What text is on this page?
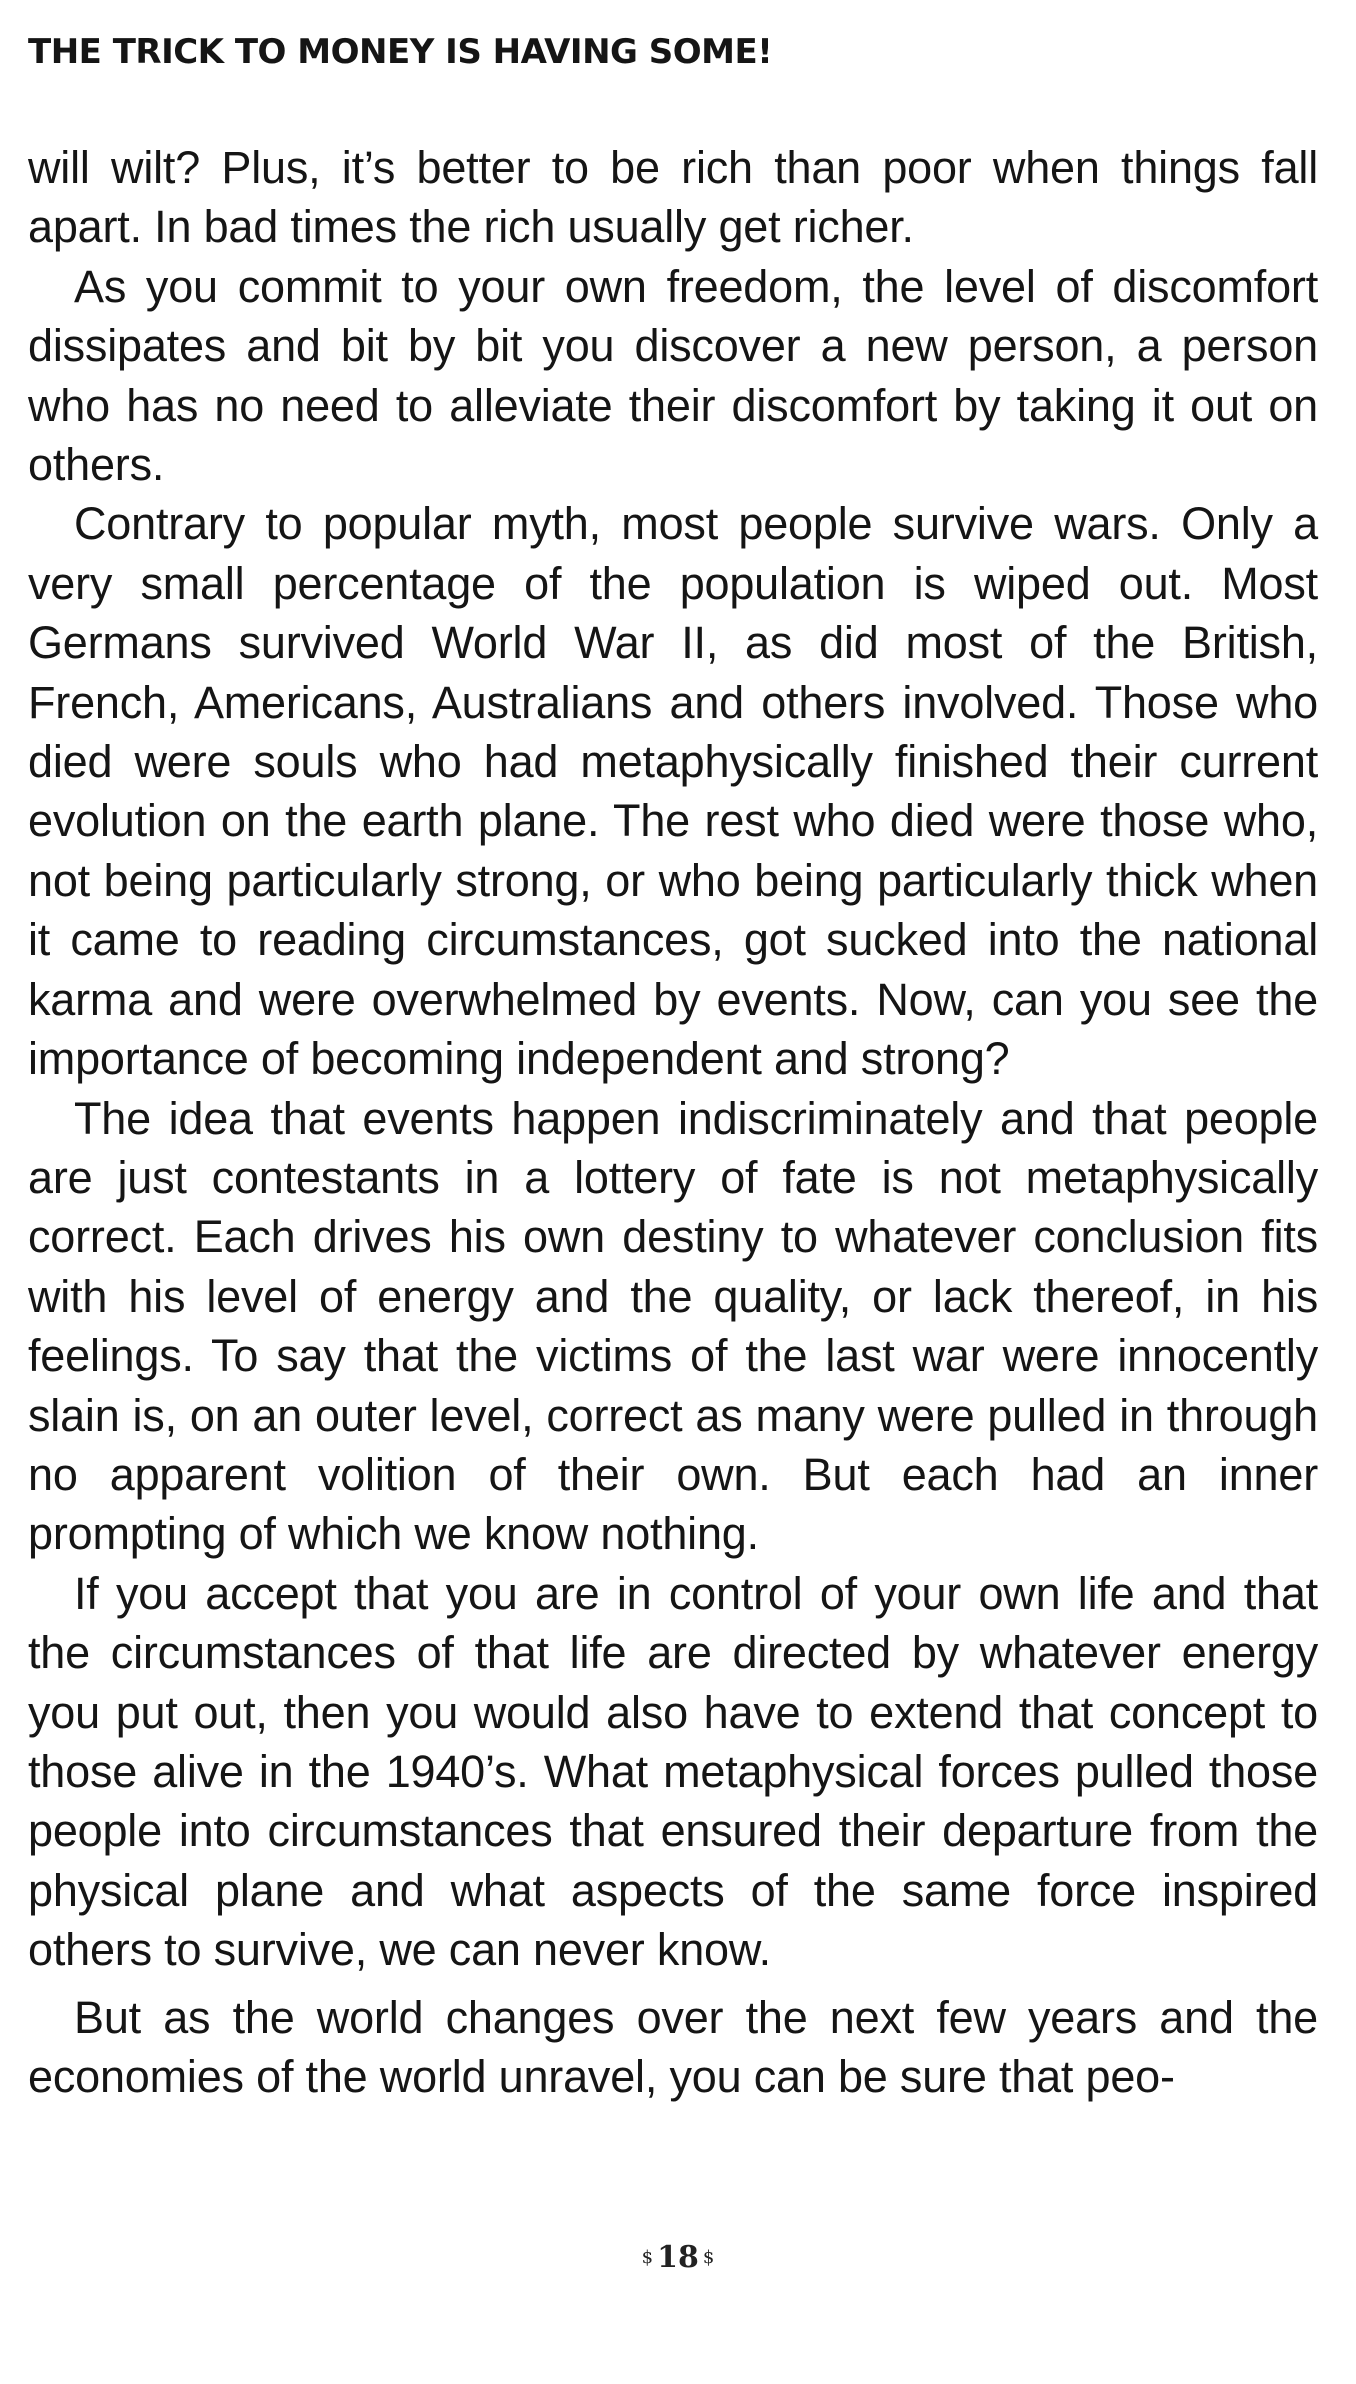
THE TRICK TO MONEY IS HAVING SOME!

will wilt? Plus, it’s better to be rich than poor when things fall apart. In bad times the rich usually get richer.

As you commit to your own freedom, the level of discomfort dissipates and bit by bit you discover a new person, a person who has no need to alleviate their discomfort by taking it out on others.

Contrary to popular myth, most people survive wars. Only a very small percentage of the population is wiped out. Most Germans survived World War II, as did most of the British, French, Americans, Australians and others involved. Those who died were souls who had metaphysically finished their current evolution on the earth plane. The rest who died were those who, not being particularly strong, or who being particularly thick when it came to reading circumstances, got sucked into the national karma and were overwhelmed by events. Now, can you see the importance of becoming independent and strong?

The idea that events happen indiscriminately and that people are just contestants in a lottery of fate is not metaphysically correct. Each drives his own destiny to whatever conclusion fits with his level of energy and the quality, or lack thereof, in his feelings. To say that the victims of the last war were innocently slain is, on an outer level, correct as many were pulled in through no apparent volition of their own. But each had an inner prompting of which we know nothing.

If you accept that you are in control of your own life and that the circumstances of that life are directed by whatever energy you put out, then you would also have to extend that concept to those alive in the 1940’s. What metaphysical forces pulled those people into circumstances that ensured their departure from the physical plane and what aspects of the same force inspired others to survive, we can never know.

But as the world changes over the next few years and the economies of the world unravel, you can be sure that peo-

$ 18 $
